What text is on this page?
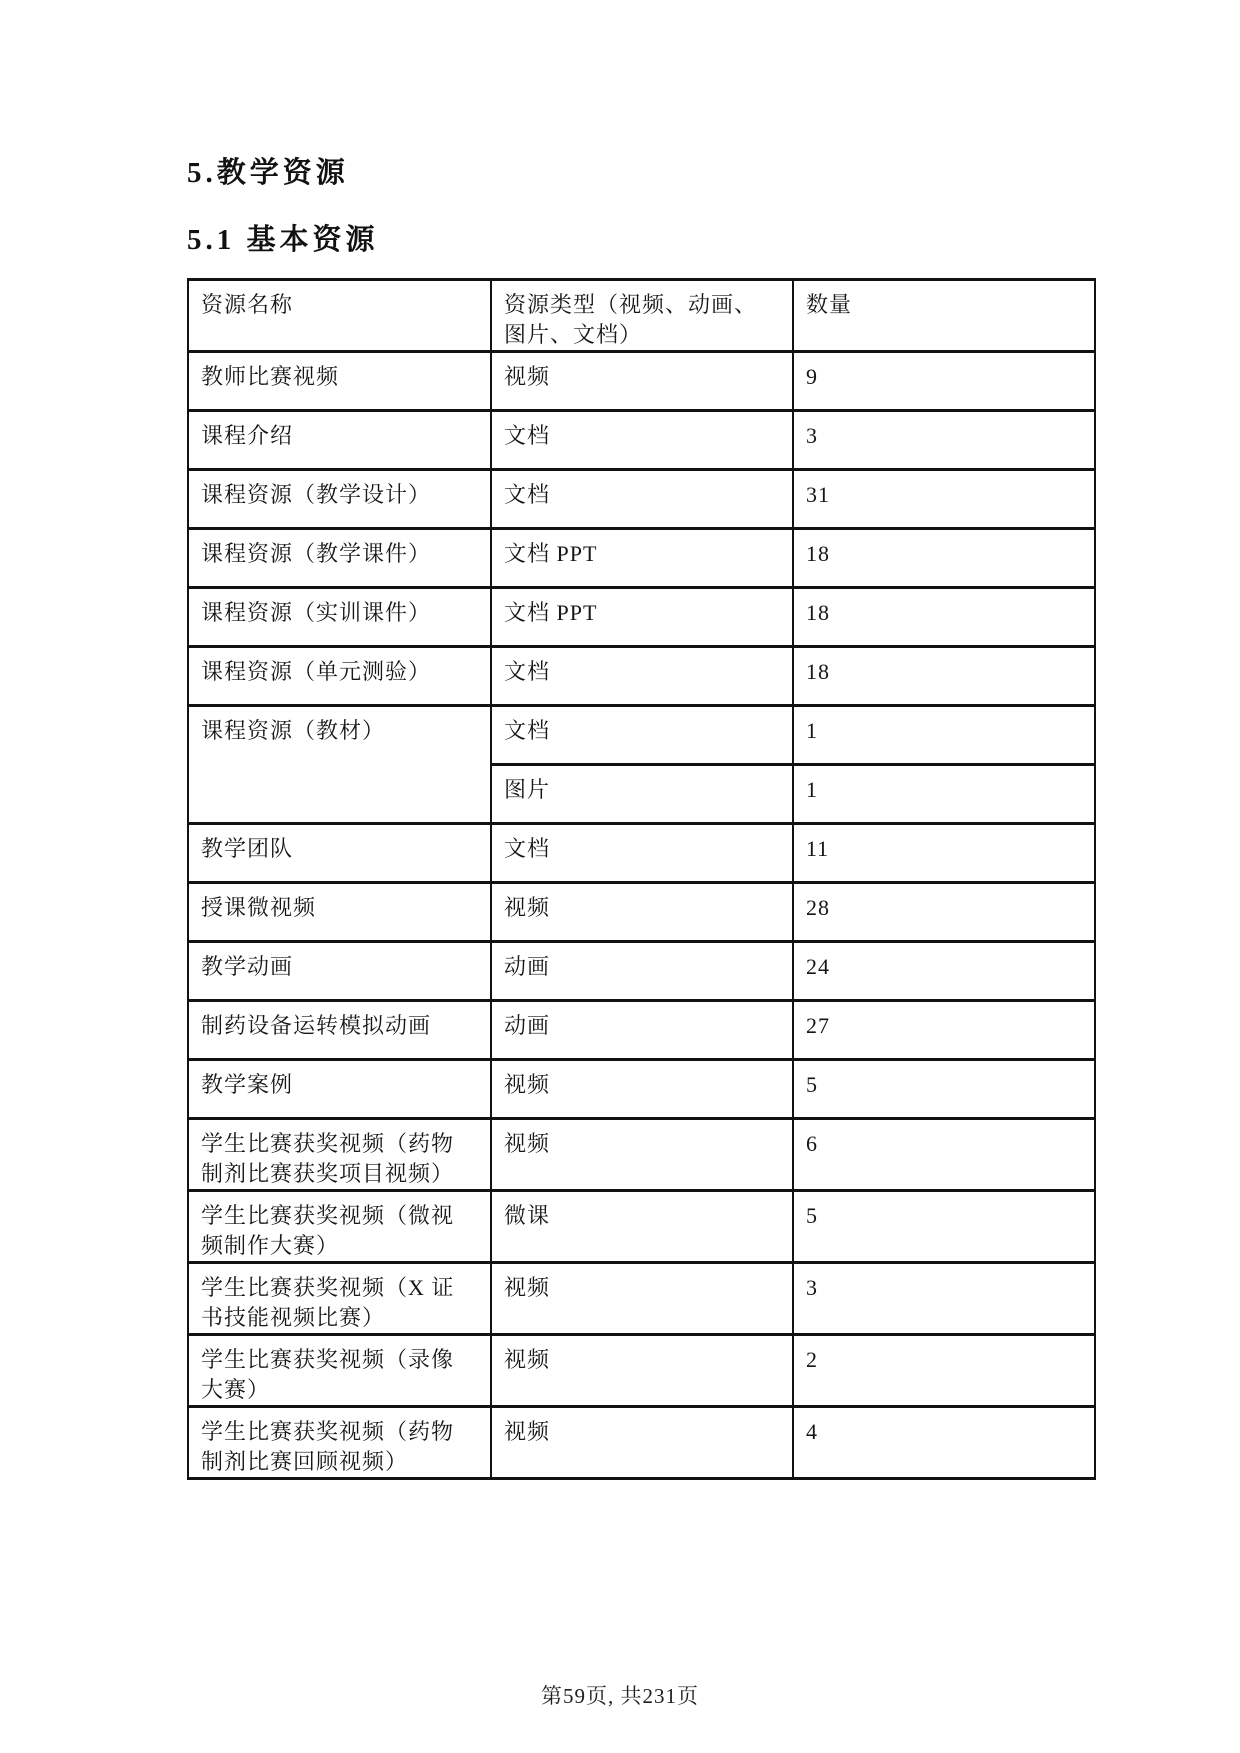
5.教学资源
5.1 基本资源
资源名称	资源类型（视频、动画、图片、文档）	数量
教师比赛视频	视频	9
课程介绍	文档	3
课程资源（教学设计）	文档	31
课程资源（教学课件）	文档 PPT	18
课程资源（实训课件）	文档 PPT	18
课程资源（单元测验）	文档	18
课程资源（教材）	文档	1
	图片	1
教学团队	文档	11
授课微视频	视频	28
教学动画	动画	24
制药设备运转模拟动画	动画	27
教学案例	视频	5
学生比赛获奖视频（药物制剂比赛获奖项目视频）	视频	6
学生比赛获奖视频（微视频制作大赛）	微课	5
学生比赛获奖视频（X 证书技能视频比赛）	视频	3
学生比赛获奖视频（录像大赛）	视频	2
学生比赛获奖视频（药物制剂比赛回顾视频）	视频	4
第59页, 共231页
